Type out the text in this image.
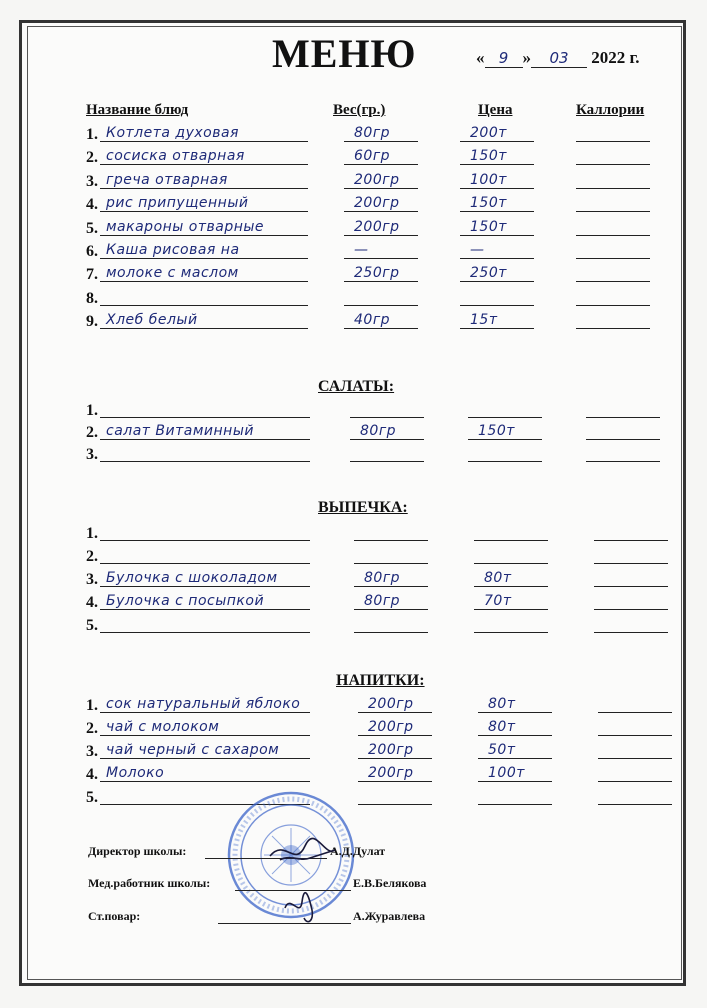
МЕНЮ	« 9 » 03 2022 г.
Название блюд	Вес(гр.)	Цена	Каллории
1. Котлета духовая	80гр	200т
2. сосиска отварная	60гр	150т
3. греча отварная	200гр	100т
4. рис припущенный	200гр	150т
5. макароны отварные	200гр	150т
6. Каша рисовая на	—	—
7. молоке с маслом	250гр	250т
8.
9. Хлеб белый	40гр	15т
САЛАТЫ:
1.
2. салат Витаминный	80гр	150т
3.
ВЫПЕЧКА:
1.
2.
3. Булочка с шоколадом	80гр	80т
4. Булочка с посыпкой	80гр	70т
5.
НАПИТКИ:
1. сок натуральный яблоко	200гр	80т
2. чай с молоком	200гр	80т
3. чай черный с сахаром	200гр	50т
4. Молоко	200гр	100т
5.
Директор школы:	А.Д.Дулат
Мед.работник школы:	Е.В.Белякова
Ст.повар:	А.Журавлева
